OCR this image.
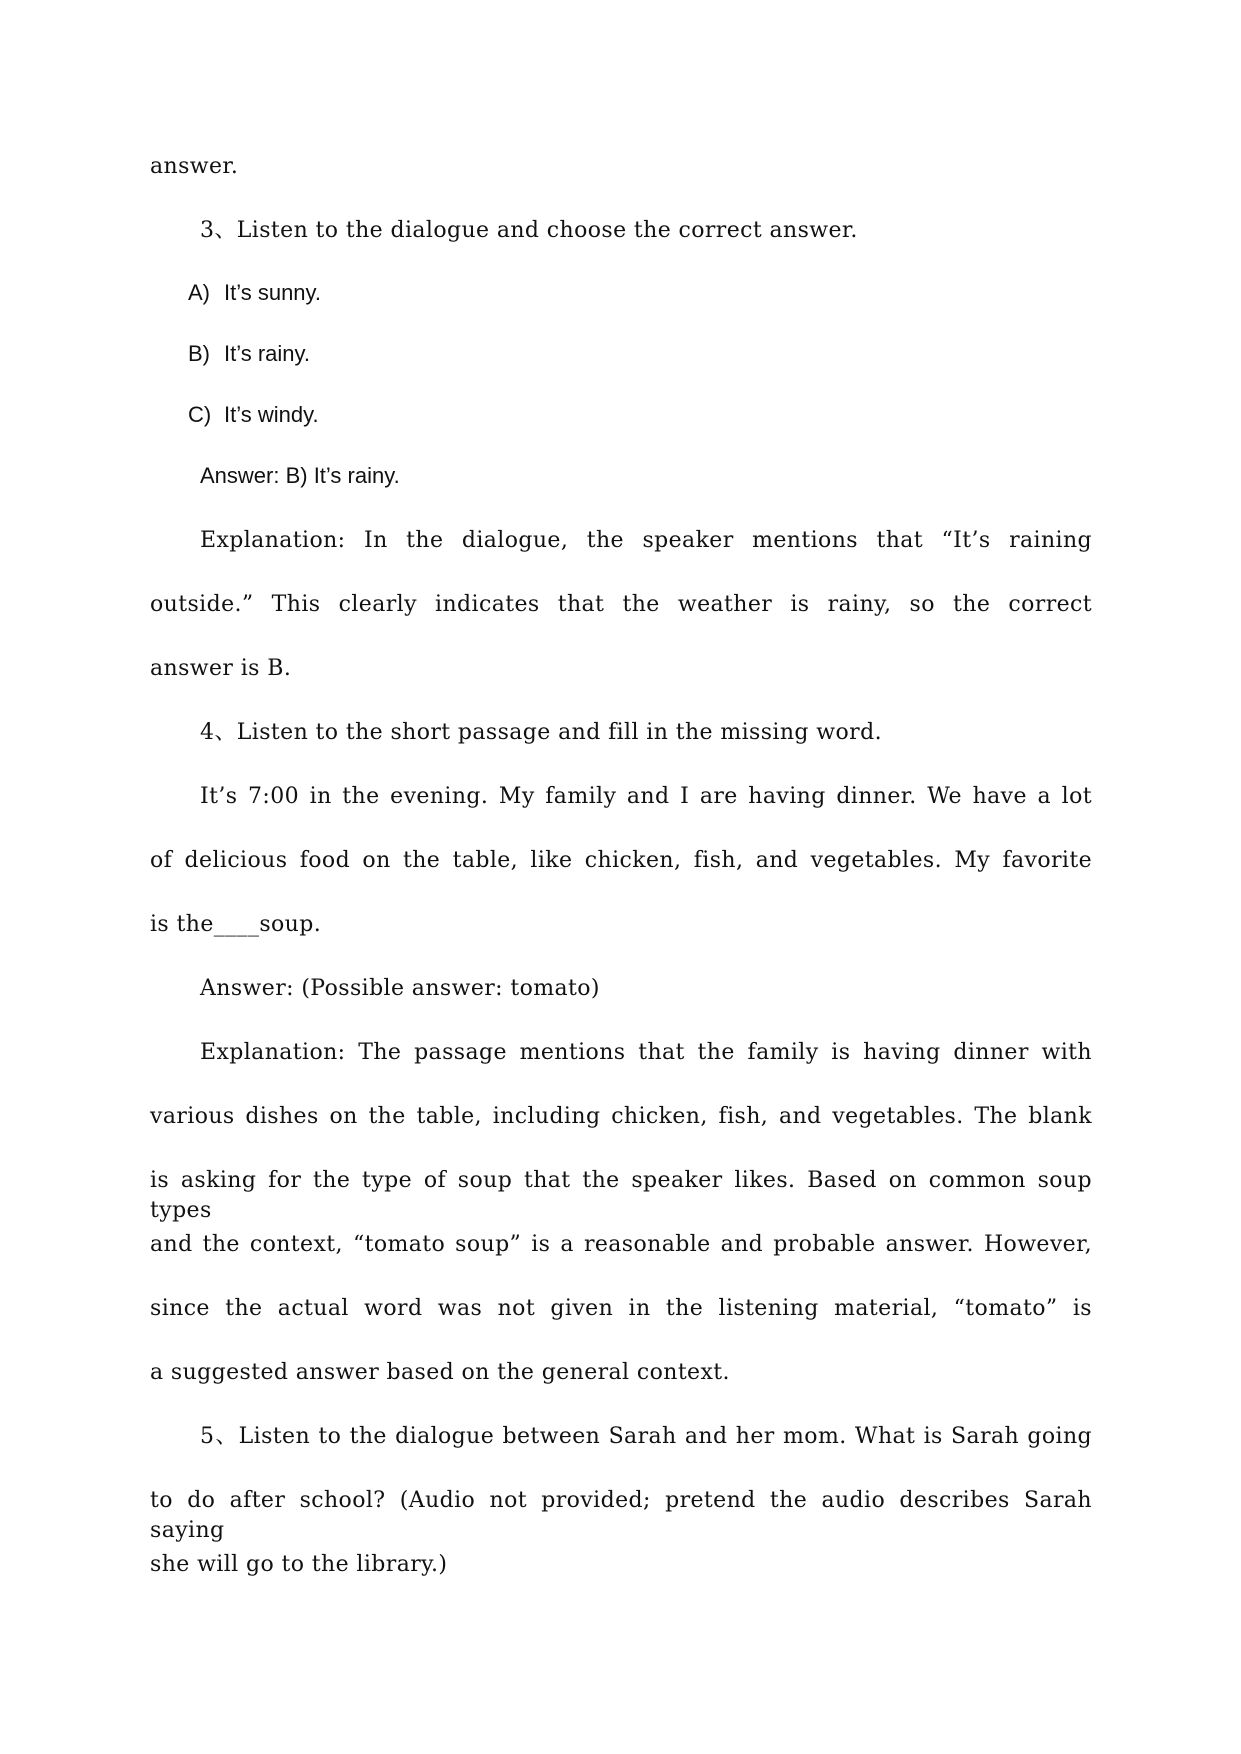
answer.

3、Listen to the dialogue and choose the correct answer.

A) It’s sunny.

B) It’s rainy.

C) It’s windy.

Answer: B) It’s rainy.

Explanation: In the dialogue, the speaker mentions that “It’s raining

outside.” This clearly indicates that the weather is rainy, so the correct

answer is B.

4、Listen to the short passage and fill in the missing word.

It’s 7:00 in the evening. My family and I are having dinner. We have a lot

of delicious food on the table, like chicken, fish, and vegetables. My favorite

is the____soup.

Answer: (Possible answer: tomato)

Explanation: The passage mentions that the family is having dinner with

various dishes on the table, including chicken, fish, and vegetables. The blank

is asking for the type of soup that the speaker likes. Based on common soup types

and the context, “tomato soup” is a reasonable and probable answer. However,

since the actual word was not given in the listening material, “tomato” is

a suggested answer based on the general context.

5、Listen to the dialogue between Sarah and her mom. What is Sarah going

to do after school? (Audio not provided; pretend the audio describes Sarah saying

she will go to the library.)
